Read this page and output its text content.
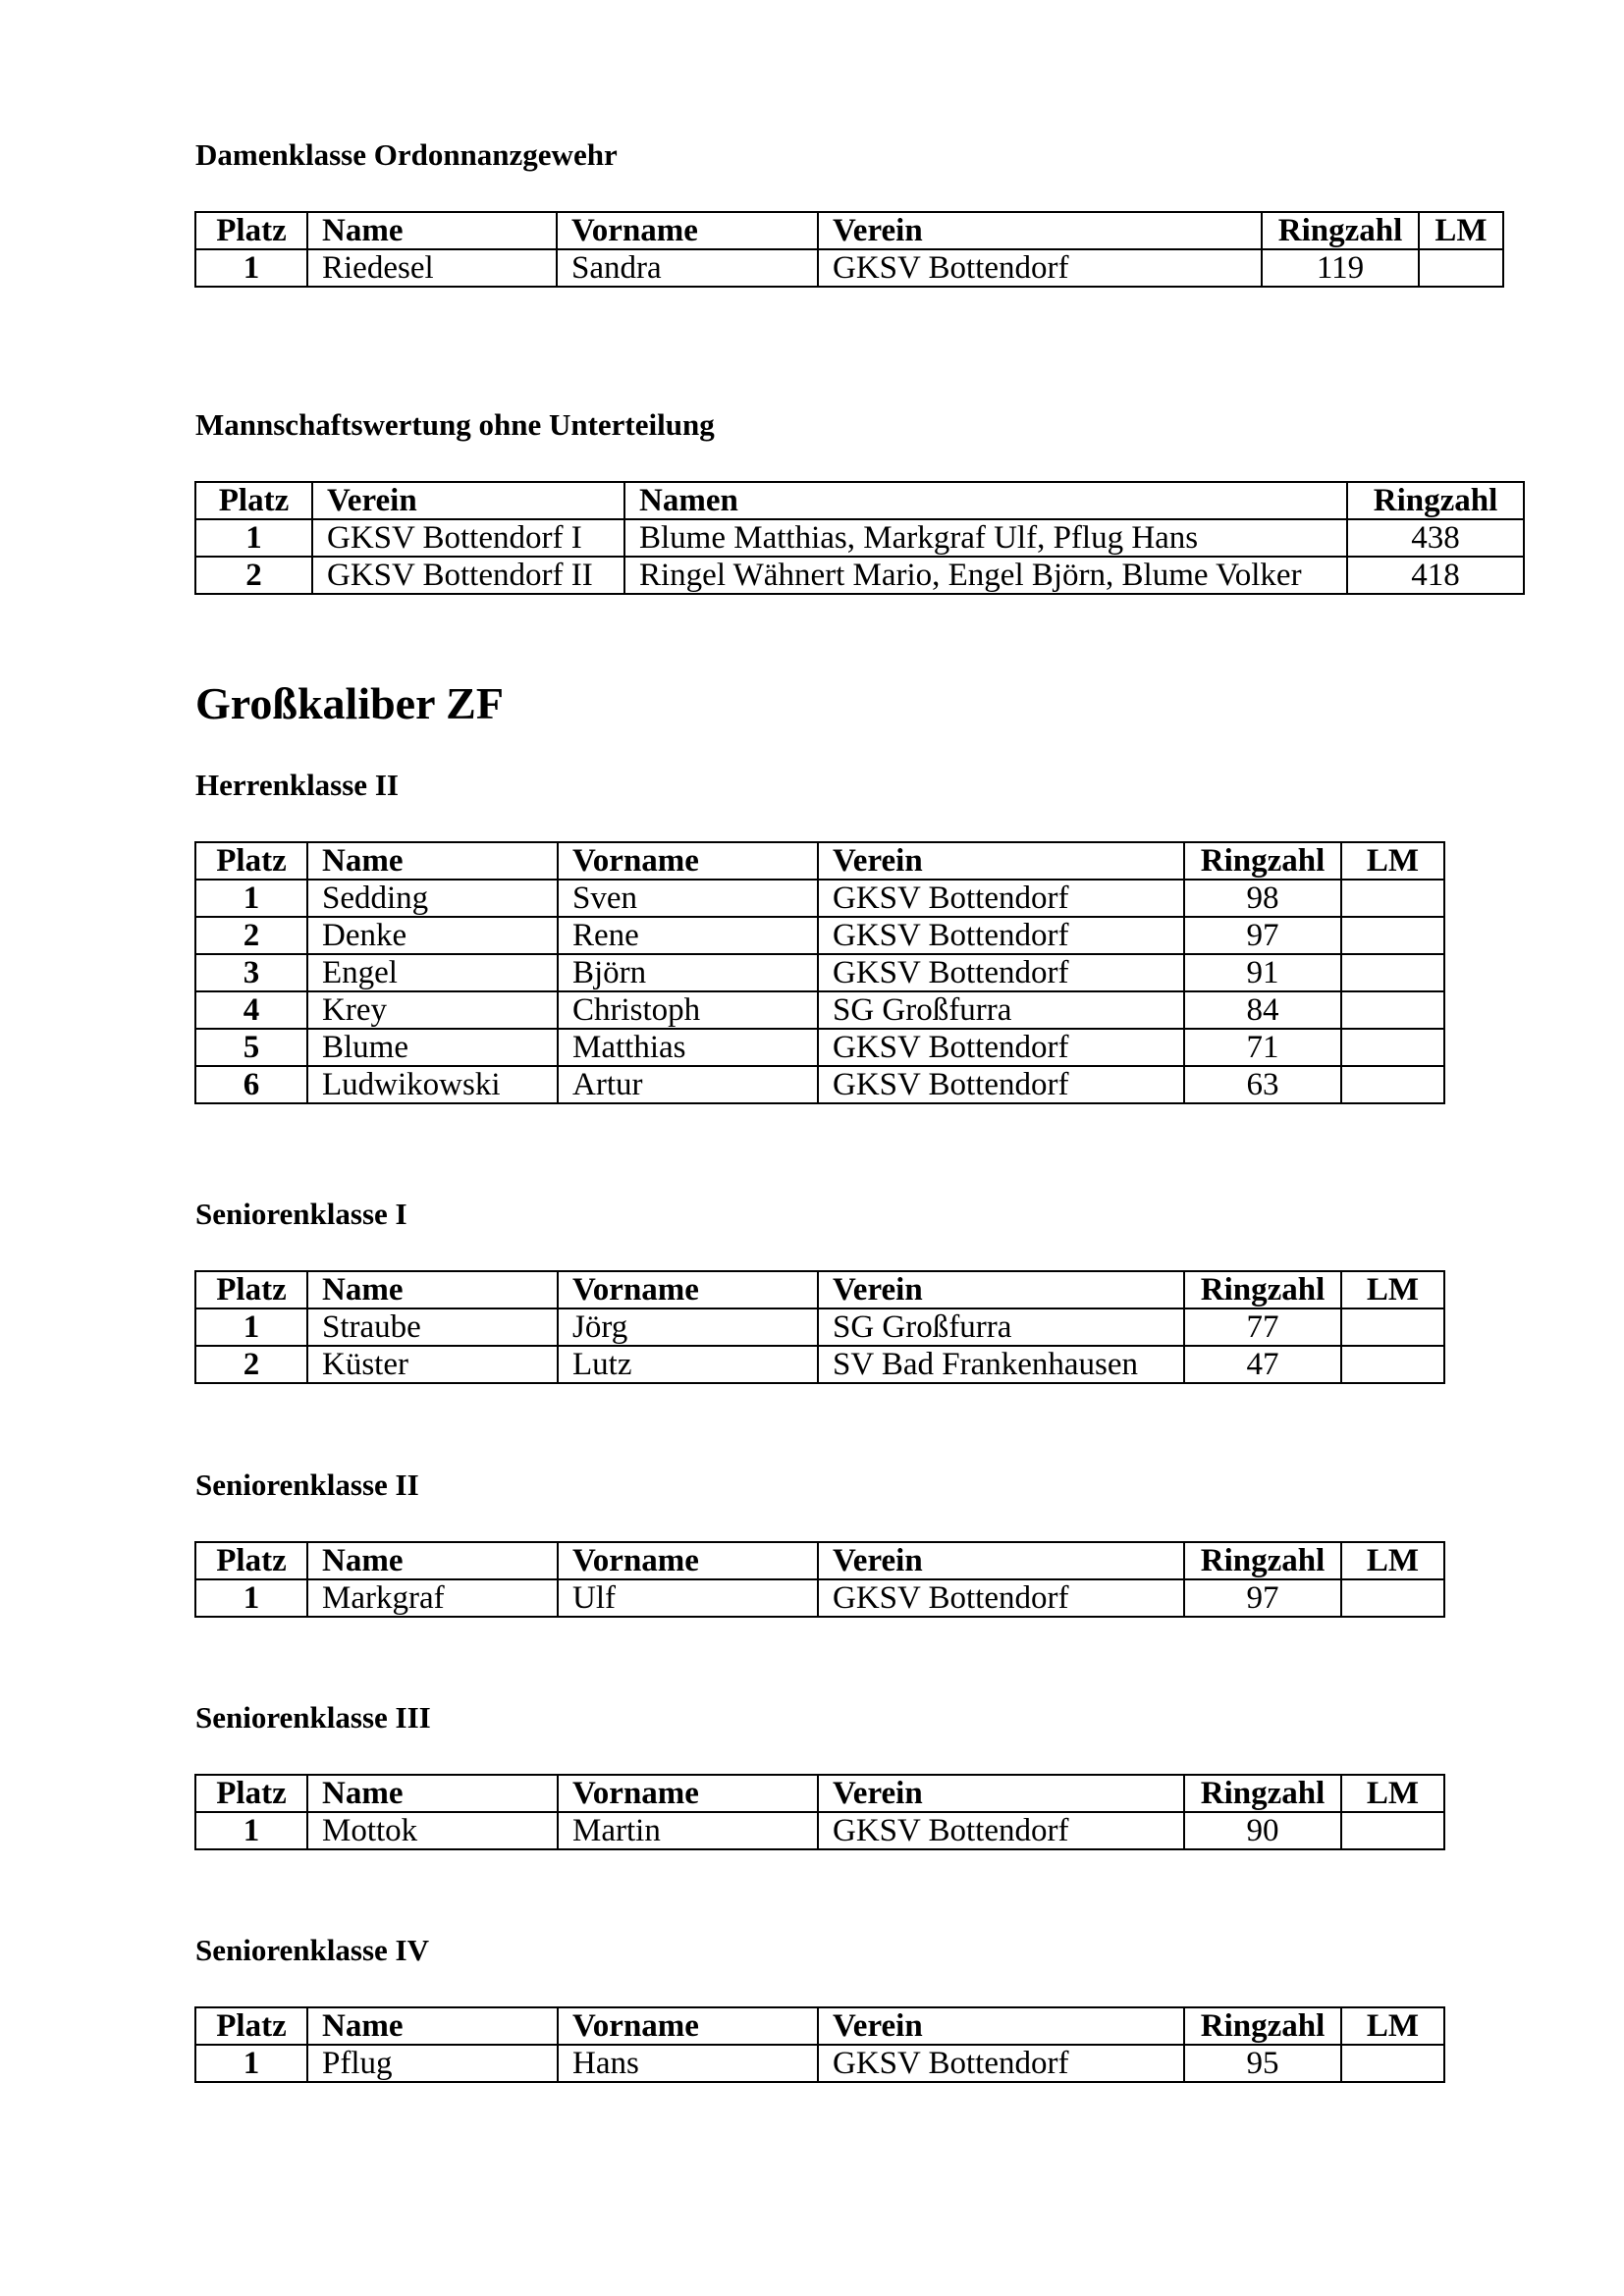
Damenklasse Ordonnanzgewehr
Platz	Name	Vorname	Verein	Ringzahl	LM
1	Riedesel	Sandra	GKSV Bottendorf	119	
Mannschaftswertung ohne Unterteilung
Platz	Verein	Namen	Ringzahl
1	GKSV Bottendorf I	Blume Matthias, Markgraf Ulf, Pflug Hans	438
2	GKSV Bottendorf II	Ringel Wähnert Mario, Engel Björn, Blume Volker	418
Großkaliber ZF
Herrenklasse II
Platz	Name	Vorname	Verein	Ringzahl	LM
1	Sedding	Sven	GKSV Bottendorf	98	
2	Denke	Rene	GKSV Bottendorf	97	
3	Engel	Björn	GKSV Bottendorf	91	
4	Krey	Christoph	SG Großfurra	84	
5	Blume	Matthias	GKSV Bottendorf	71	
6	Ludwikowski	Artur	GKSV Bottendorf	63	
Seniorenklasse I
Platz	Name	Vorname	Verein	Ringzahl	LM
1	Straube	Jörg	SG Großfurra	77	
2	Küster	Lutz	SV Bad Frankenhausen	47	
Seniorenklasse II
Platz	Name	Vorname	Verein	Ringzahl	LM
1	Markgraf	Ulf	GKSV Bottendorf	97	
Seniorenklasse III
Platz	Name	Vorname	Verein	Ringzahl	LM
1	Mottok	Martin	GKSV Bottendorf	90	
Seniorenklasse IV
Platz	Name	Vorname	Verein	Ringzahl	LM
1	Pflug	Hans	GKSV Bottendorf	95	
